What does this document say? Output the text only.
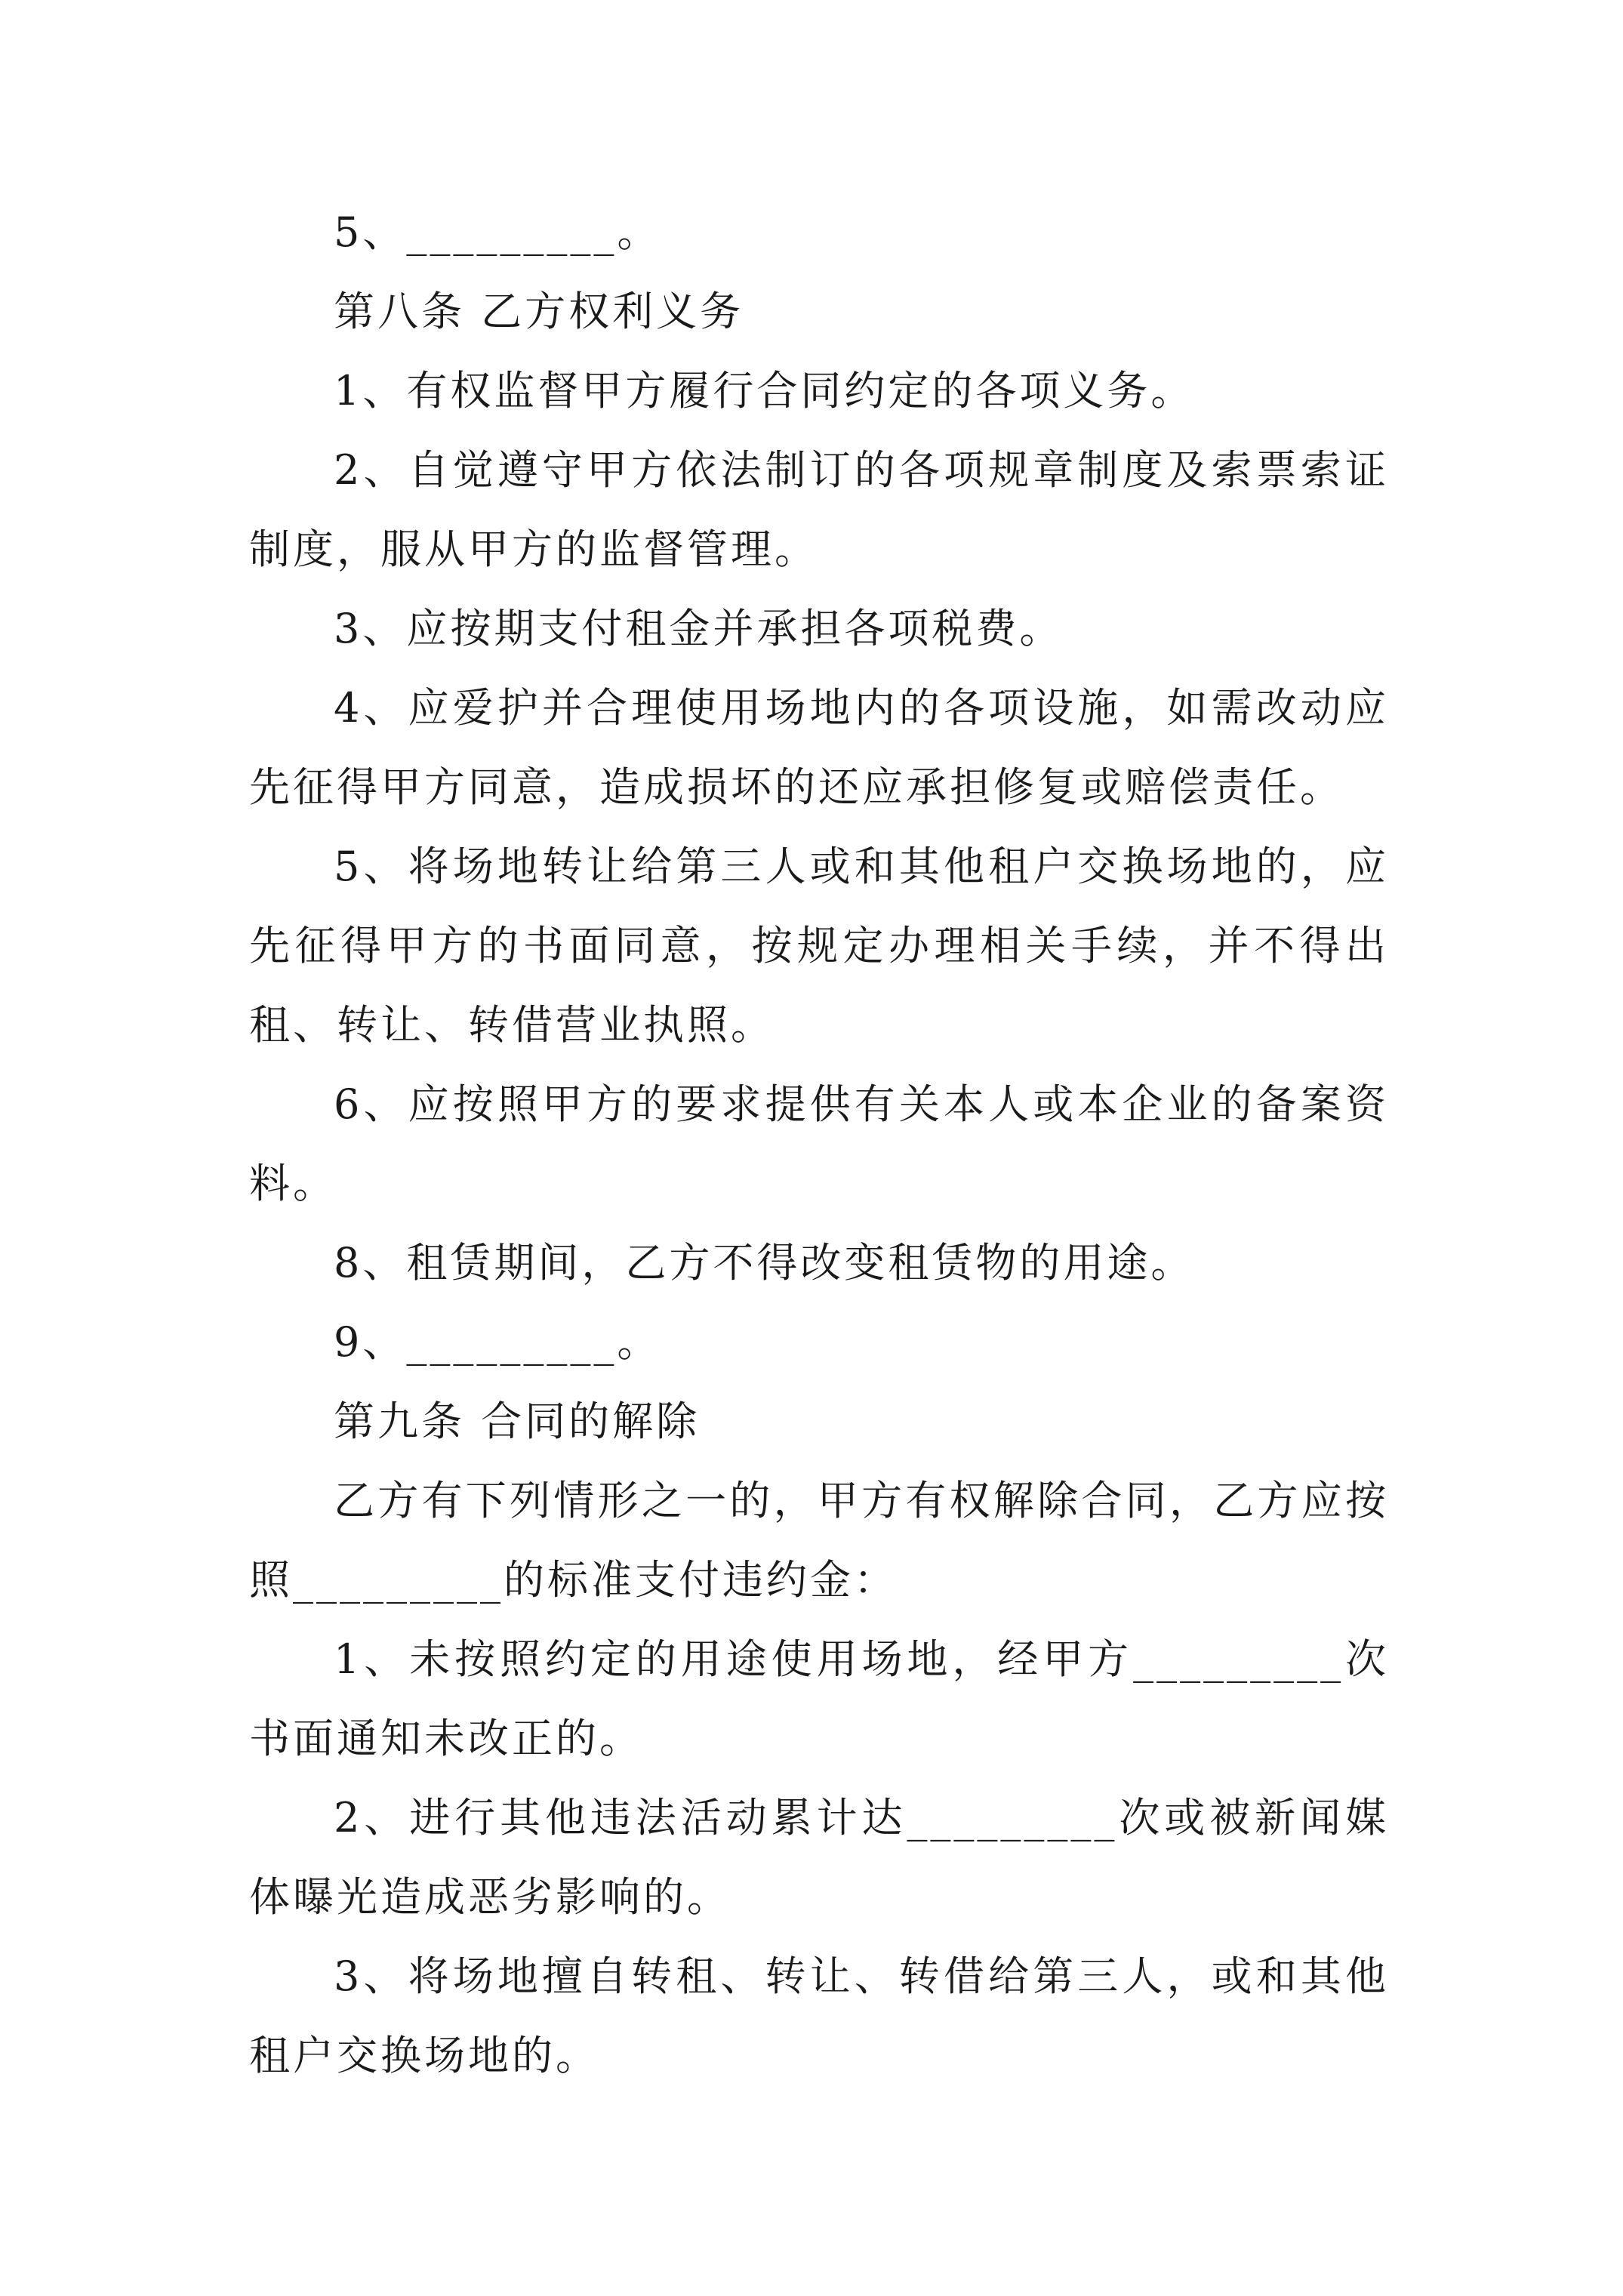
5、_________。

第八条 乙方权利义务

1、有权监督甲方履行合同约定的各项义务。

2、自觉遵守甲方依法制订的各项规章制度及索票索证制度，服从甲方的监督管理。

3、应按期支付租金并承担各项税费。

4、应爱护并合理使用场地内的各项设施，如需改动应先征得甲方同意，造成损坏的还应承担修复或赔偿责任。

5、将场地转让给第三人或和其他租户交换场地的，应先征得甲方的书面同意，按规定办理相关手续，并不得出租、转让、转借营业执照。

6、应按照甲方的要求提供有关本人或本企业的备案资料。

8、租赁期间，乙方不得改变租赁物的用途。

9、_________。

第九条 合同的解除

乙方有下列情形之一的，甲方有权解除合同，乙方应按照_________的标准支付违约金：

1、未按照约定的用途使用场地，经甲方_________次书面通知未改正的。

2、进行其他违法活动累计达_________次或被新闻媒体曝光造成恶劣影响的。

3、将场地擅自转租、转让、转借给第三人，或和其他租户交换场地的。
